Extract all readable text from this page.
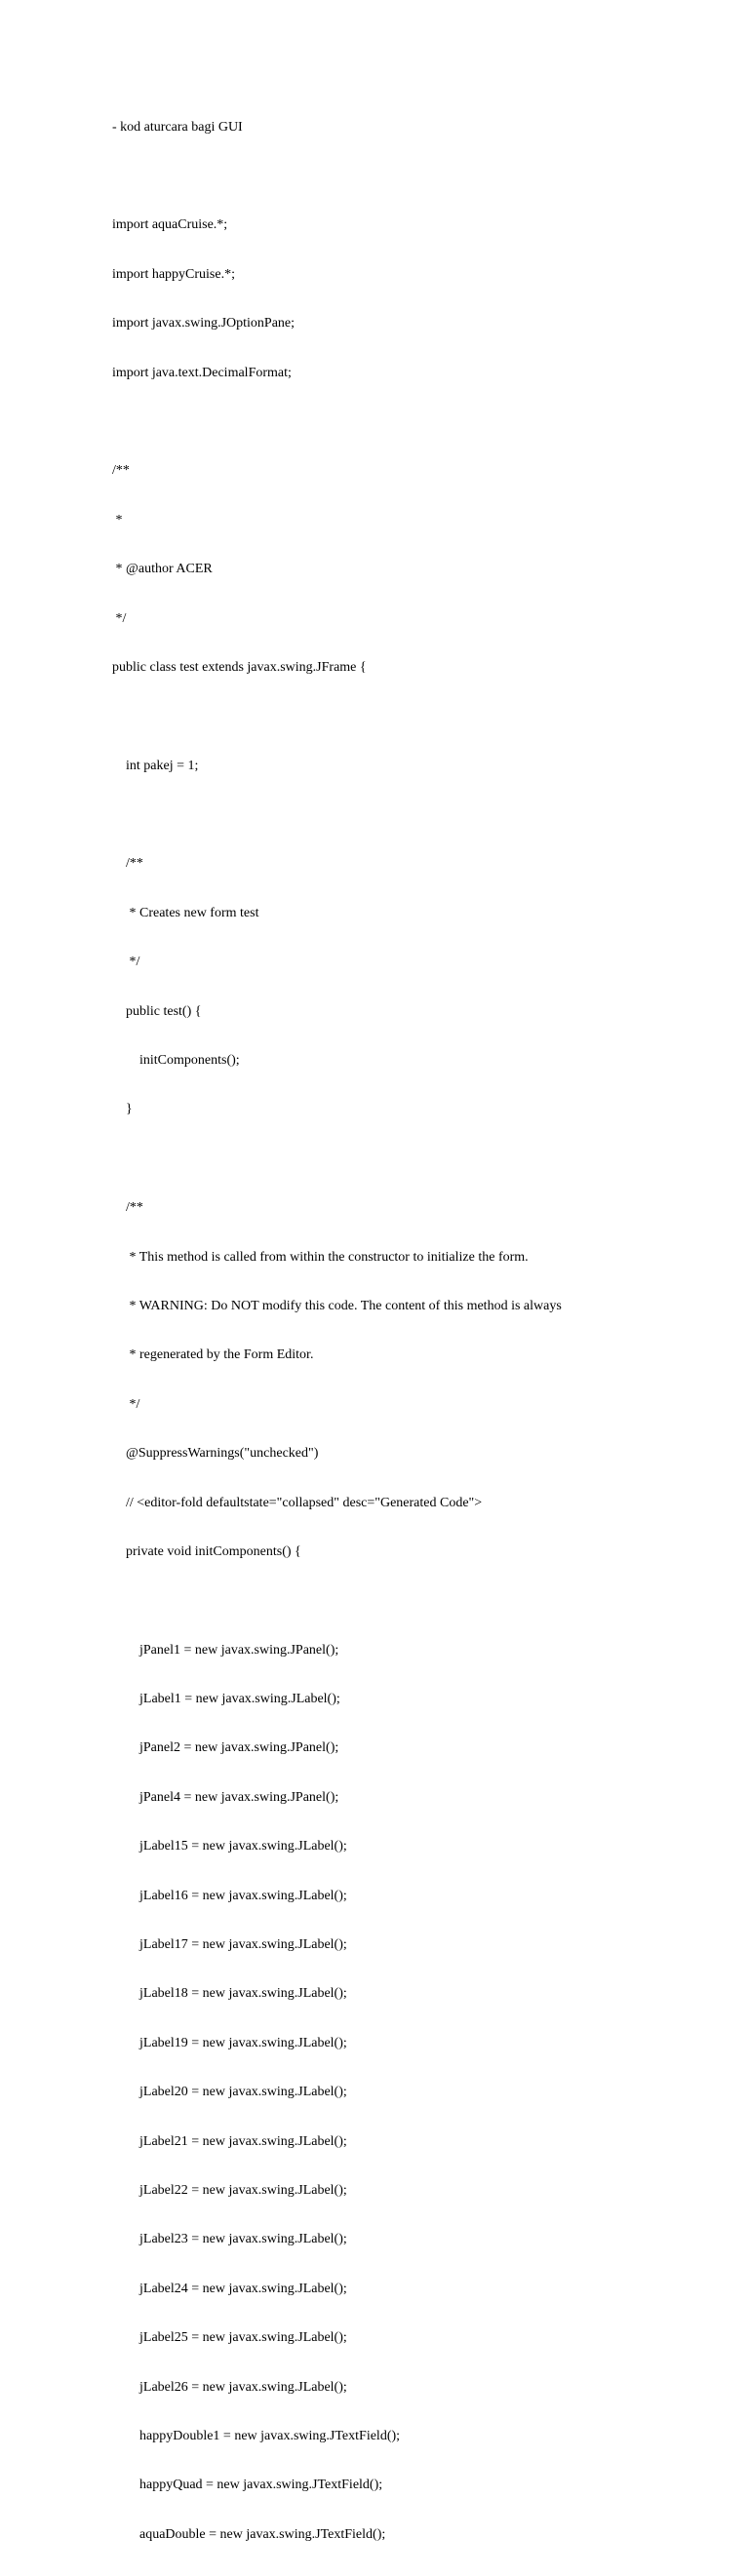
- kod aturcara bagi GUI

import aquaCruise.*;

import happyCruise.*;

import javax.swing.JOptionPane;

import java.text.DecimalFormat;

/**

*

* @author ACER

*/

public class test extends javax.swing.JFrame {

int pakej = 1;

/**

* Creates new form test

*/

public test() {

initComponents();

}

/**

* This method is called from within the constructor to initialize the form.

* WARNING: Do NOT modify this code. The content of this method is always

* regenerated by the Form Editor.

*/

@SuppressWarnings("unchecked")

// <editor-fold defaultstate="collapsed" desc="Generated Code">

private void initComponents() {

jPanel1 = new javax.swing.JPanel();

jLabel1 = new javax.swing.JLabel();

jPanel2 = new javax.swing.JPanel();

jPanel4 = new javax.swing.JPanel();

jLabel15 = new javax.swing.JLabel();

jLabel16 = new javax.swing.JLabel();

jLabel17 = new javax.swing.JLabel();

jLabel18 = new javax.swing.JLabel();

jLabel19 = new javax.swing.JLabel();

jLabel20 = new javax.swing.JLabel();

jLabel21 = new javax.swing.JLabel();

jLabel22 = new javax.swing.JLabel();

jLabel23 = new javax.swing.JLabel();

jLabel24 = new javax.swing.JLabel();

jLabel25 = new javax.swing.JLabel();

jLabel26 = new javax.swing.JLabel();

happyDouble1 = new javax.swing.JTextField();

happyQuad = new javax.swing.JTextField();

aquaDouble = new javax.swing.JTextField();
